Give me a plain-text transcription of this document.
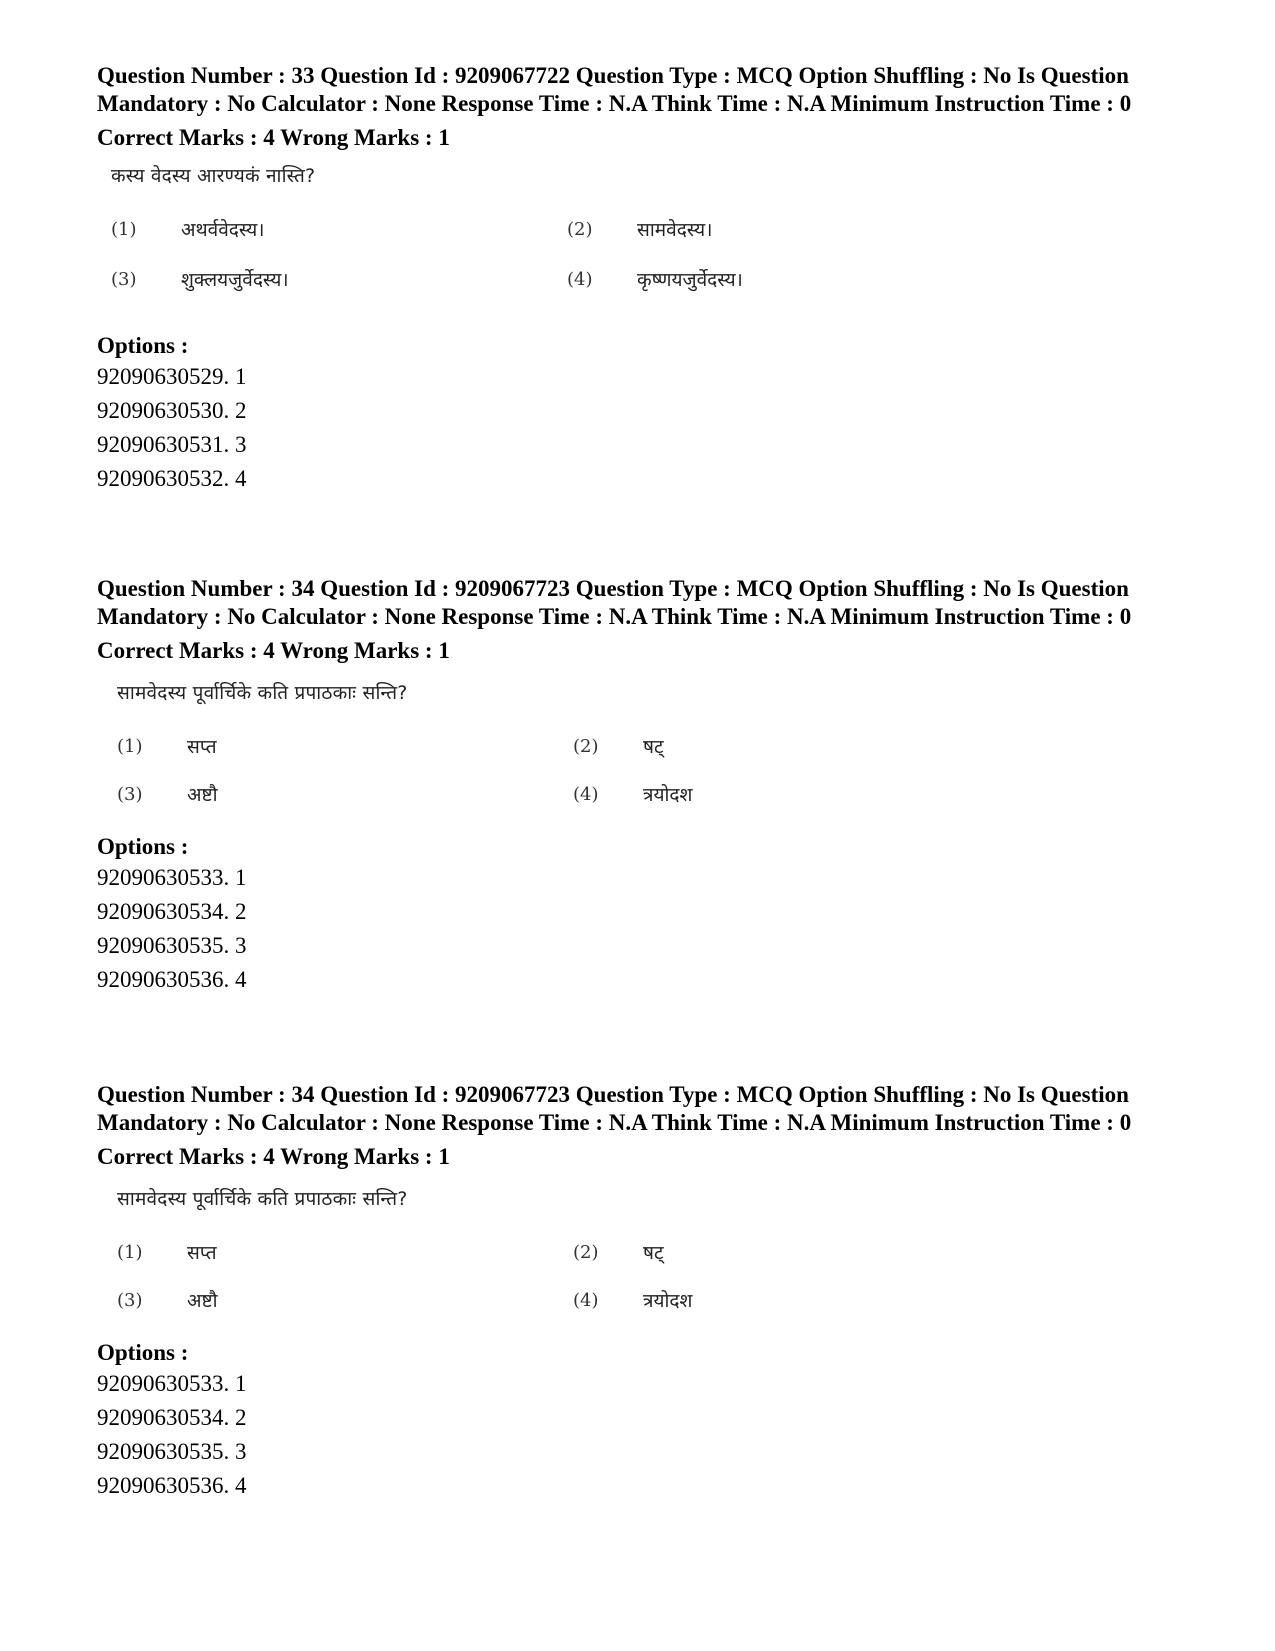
Question Number : 33 Question Id : 9209067722 Question Type : MCQ Option Shuffling : No Is Question Mandatory : No Calculator : None Response Time : N.A Think Time : N.A Minimum Instruction Time : 0

Correct Marks : 4 Wrong Marks : 1
कस्य वेदस्य आरण्यकं नास्ति?
(1)	अथर्ववेदस्य।	(2)	सामवेदस्य।
(3)	शुक्लयजुर्वेदस्य।	(4)	कृष्णयजुर्वेदस्य।
Options :
92090630529. 1
92090630530. 2
92090630531. 3
92090630532. 4

Question Number : 34 Question Id : 9209067723 Question Type : MCQ Option Shuffling : No Is Question Mandatory : No Calculator : None Response Time : N.A Think Time : N.A Minimum Instruction Time : 0

Correct Marks : 4 Wrong Marks : 1
सामवेदस्य पूर्वार्चिके कति प्रपाठकाः सन्ति?
(1)	सप्त	(2)	षट्
(3)	अष्टौ	(4)	त्रयोदश
Options :
92090630533. 1
92090630534. 2
92090630535. 3
92090630536. 4

Question Number : 34 Question Id : 9209067723 Question Type : MCQ Option Shuffling : No Is Question Mandatory : No Calculator : None Response Time : N.A Think Time : N.A Minimum Instruction Time : 0

Correct Marks : 4 Wrong Marks : 1
सामवेदस्य पूर्वार्चिके कति प्रपाठकाः सन्ति?
(1)	सप्त	(2)	षट्
(3)	अष्टौ	(4)	त्रयोदश
Options :
92090630533. 1
92090630534. 2
92090630535. 3
92090630536. 4
